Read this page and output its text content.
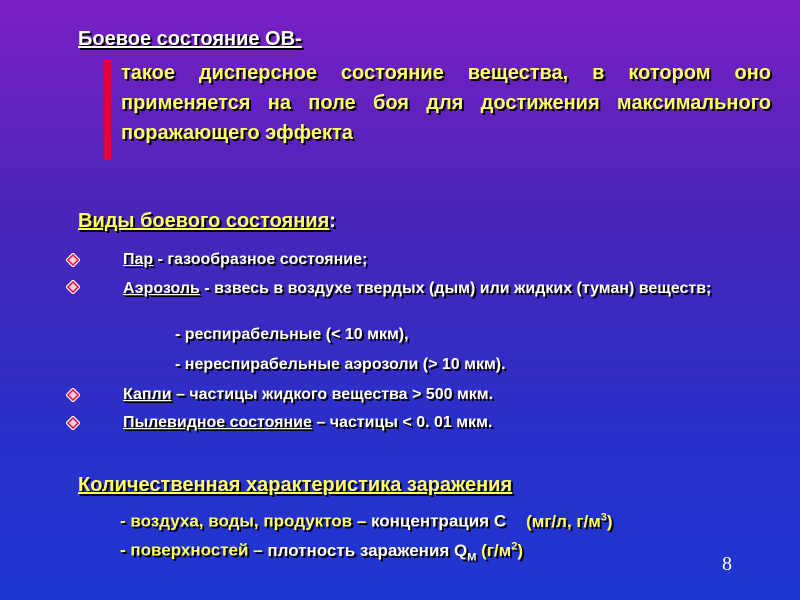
Боевое состояние ОВ-
такое дисперсное состояние вещества, в котором оно применяется на поле боя для достижения максимального поражающего эффекта
Виды боевого состояния:
Пар - газообразное состояние;
Аэрозоль - взвесь в воздухе твердых (дым) или жидких (туман) веществ;
- респирабельные (< 10 мкм),
- нереспирабельные аэрозоли (> 10 мкм).
Капли – частицы жидкого вещества > 500 мкм.
Пылевидное состояние – частицы < 0. 01 мкм.
Количественная характеристика заражения
- воздуха, воды, продуктов – концентрация С (мг/л, $г/м^3$)
- поверхностей – плотность заражения $Q_М$ $(г/м^2)$
8
